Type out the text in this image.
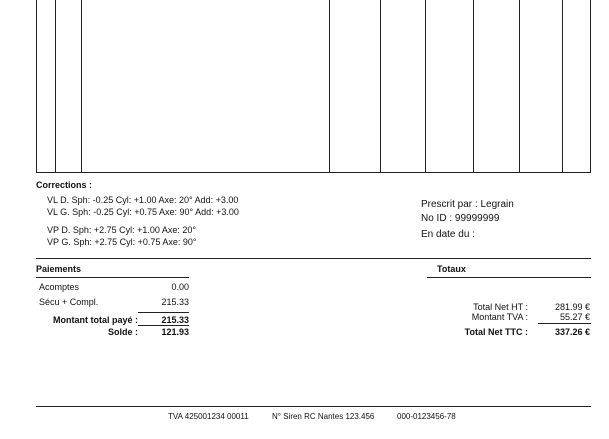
Corrections :
VL D. Sph: -0.25 Cyl: +1.00 Axe: 20° Add: +3.00
VL G. Sph: -0.25 Cyl: +0.75 Axe: 90° Add: +3.00
VP D. Sph: +2.75 Cyl: +1.00 Axe: 20°
VP G. Sph: +2.75 Cyl: +0.75 Axe: 90°
Prescrit par : Legrain
No ID : 99999999
En date du :
Paiements
Acomptes	0.00
Sécu + Compl.	215.33
Montant total payé :	215.33
Solde :	121.93
Totaux
Total Net HT :	281.99 €
Montant TVA :	55.27 €
Total Net TTC :	337.26 €
TVA 425001234 00011	N° Siren RC Nantes 123.456	000-0123456-78
